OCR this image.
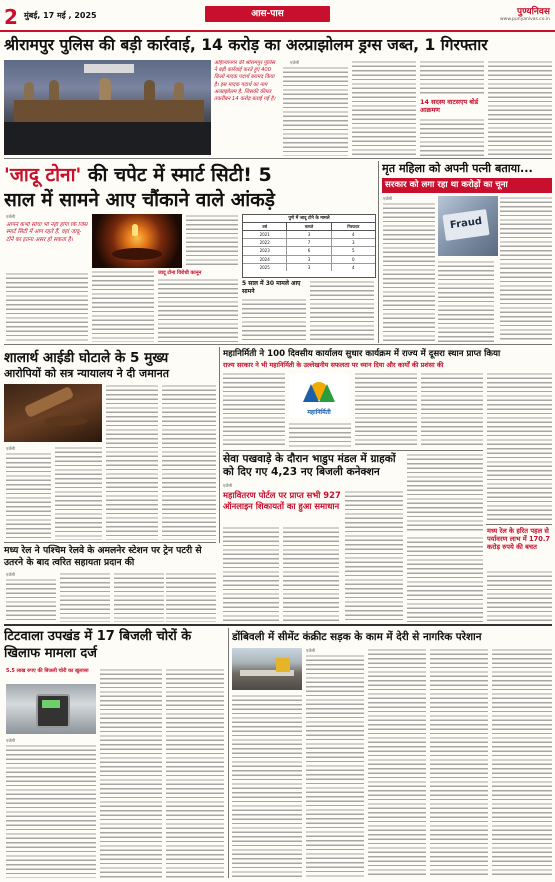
2 मुंबई, 17 मई , 2025	आस-पास	पुण्यनिवस
www.punyanivas.co.in
श्रीरामपुर पुलिस की बड़ी कार्रवाई, 14 करोड़ का अल्प्राझोलम ड्रग्स जब्त, 1 गिरफ्तार
अहिल्यानगर की श्रीरामपुर पुलिस ने बड़ी कार्रवाई करते हुए 400 किलो मादक पदार्थ बरामद किया है। इस मादक पदार्थ का नाम अल्प्राझोलम है, जिसकी कीमत तकरीबन 14 करोड़ बताई गई है।
एजेंसी
14 सदस्य वाटसएप बोर्ड आक्रमण
'जादू टोना' की चपेट में स्मार्ट सिटी! 5
साल में सामने आए चौंकाने वाले आंकड़े
एजेंसी
आपने कभी सोचा भी नहीं होगा कि जिस स्मार्ट सिटी में आप रहते हैं, वहां जादू-टोने का इतना असर हो सकता है।
जादू टोना विरोधी कानून
पुणे में जादू टोने के मामले
वर्ष	मामले	गिरफ्तार
2021	3	4
2022	7	3
2023	6	5
2024	3	0
2025	3	4
5 साल में 30 मामले आए सामने
मृत महिला को अपनी पत्नी बताया...
सरकार को लगा रहा था करोड़ों का चूना
एजेंसी
Fraud
शालार्थ आईडी घोटाले के 5 मुख्य
आरोपियों को सत्र न्यायालय ने दी जमानत
एजेंसी
महानिर्मिती ने 100 दिवसीय कार्यालय सुधार कार्यक्रम में राज्य में दूसरा स्थान प्राप्त किया
राज्य सरकार ने भी महानिर्मिती के उल्लेखनीय सफलता पर ध्यान दिया और कार्यों की प्रशंसा की
महानिर्मिती
सेवा पखवाड़े के दौरान भाडुप मंडल में ग्राहकों को दिए गए 4,23 नए बिजली कनेक्शन
एजेंसी
महावितरण पोर्टल पर प्राप्त सभी 927 ऑनलाइन शिकायतों का हुआ समाधान
मध्य रेल ने पश्चिम रेलवे के अमलनेर स्टेशन पर ट्रेन पटरी से उतरने के बाद त्वरित सहायता प्रदान की
एजेंसी
मध्य रेल के हरित पहल से पर्यावरण लाभ में 170.7 करोड़ रुपये की बचत
टिटवाला उपखंड में 17 बिजली चोरों के खिलाफ मामला दर्ज
5.5 लाख रुपए की बिजली चोरी का खुलासा
एजेंसी
डोंबिवली में सीमेंट कंक्रीट सड़क के काम में देरी से नागरिक परेशान
एजेंसी
